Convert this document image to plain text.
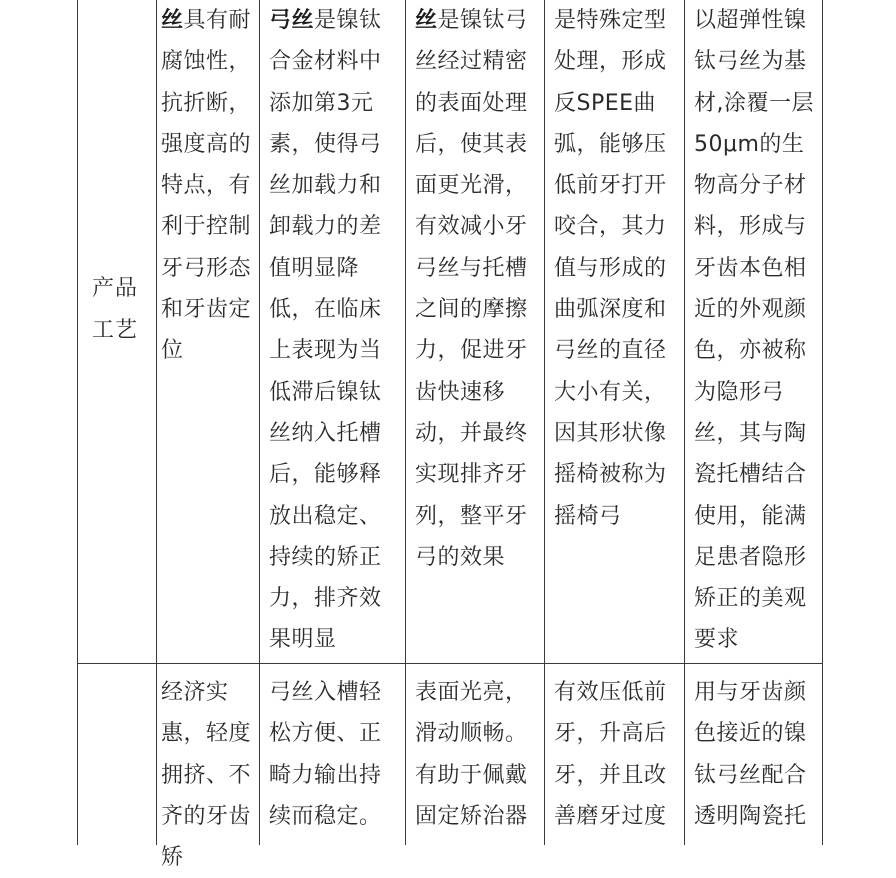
产品
工艺
丝具有耐腐蚀性，抗折断，强度高的特点，有利于控制牙弓形态和牙齿定位
弓丝是镍钛合金材料中添加第3元素，使得弓丝加载力和卸载力的差值明显降低，在临床上表现为当低滞后镍钛丝纳入托槽后，能够释放出稳定、持续的矫正力，排齐效果明显
丝是镍钛弓丝经过精密的表面处理后，使其表面更光滑，有效减小牙弓丝与托槽之间的摩擦力，促进牙齿快速移动，并最终实现排齐牙列，整平牙弓的效果
是特殊定型处理，形成反SPEE曲弧，能够压低前牙打开咬合，其力值与形成的曲弧深度和弓丝的直径大小有关，因其形状像摇椅被称为摇椅弓
以超弹性镍钛弓丝为基材,涂覆一层50μm的生物高分子材料，形成与牙齿本色相近的外观颜色，亦被称为隐形弓丝，其与陶瓷托槽结合使用，能满足患者隐形矫正的美观要求
经济实惠，轻度拥挤、不齐的牙齿矫
弓丝入槽轻松方便、正畸力输出持续而稳定。
表面光亮，滑动顺畅。有助于佩戴固定矫治器
有效压低前牙，升高后牙，并且改善磨牙过度
用与牙齿颜色接近的镍钛弓丝配合透明陶瓷托
